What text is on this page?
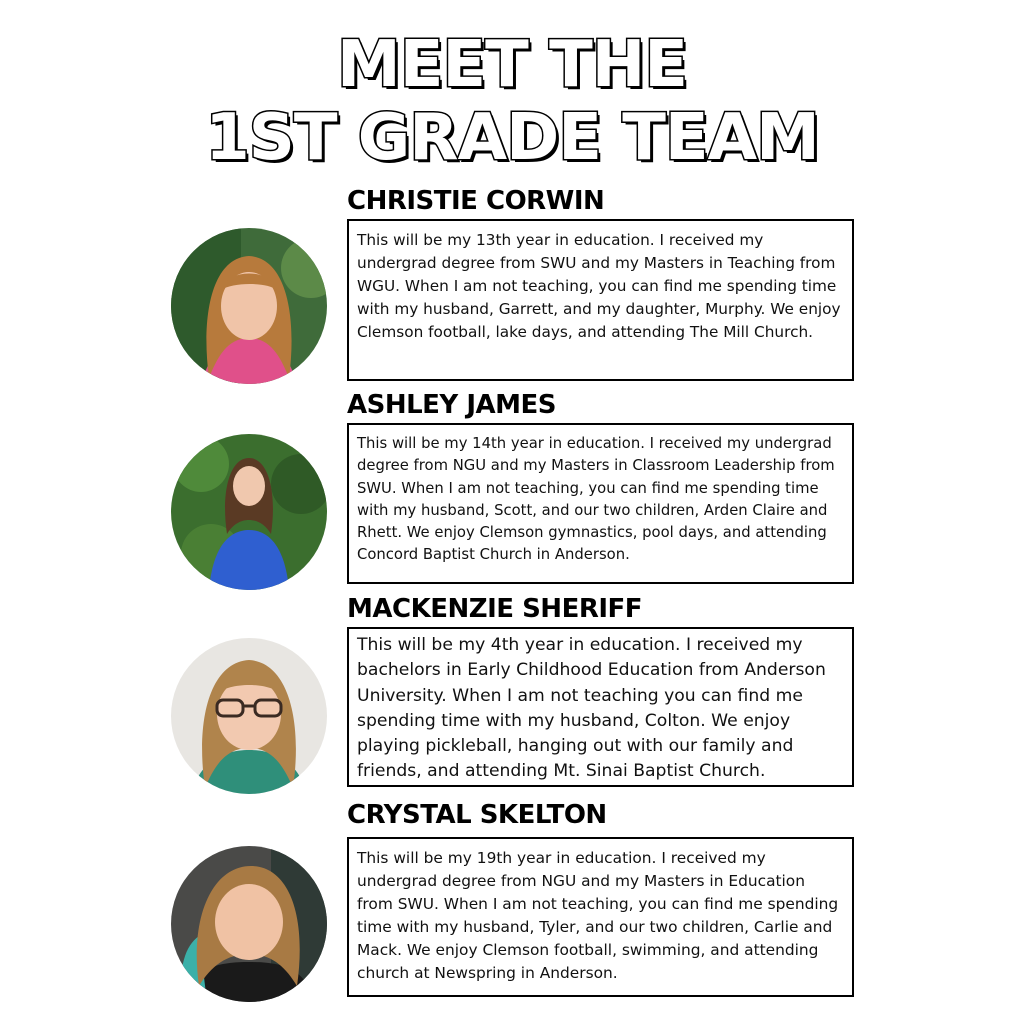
MEET THE
1ST GRADE TEAM
CHRISTIE CORWIN

This will be my 13th year in education. I received my undergrad degree from SWU and my Masters in Teaching from WGU. When I am not teaching, you can find me spending time with my husband, Garrett, and my daughter, Murphy. We enjoy Clemson football, lake days, and attending The Mill Church.

ASHLEY JAMES

This will be my 14th year in education. I received my undergrad degree from NGU and my Masters in Classroom Leadership from SWU. When I am not teaching, you can find me spending time with my husband, Scott, and our two children, Arden Claire and Rhett. We enjoy Clemson gymnastics, pool days, and attending Concord Baptist Church in Anderson.

MACKENZIE SHERIFF

This will be my 4th year in education. I received my bachelors in Early Childhood Education from Anderson University. When I am not teaching you can find me spending time with my husband, Colton. We enjoy playing pickleball, hanging out with our family and friends, and attending Mt. Sinai Baptist Church.

CRYSTAL SKELTON

This will be my 19th year in education. I received my undergrad degree from NGU and my Masters in Education from SWU. When I am not teaching, you can find me spending time with my husband, Tyler, and our two children, Carlie and Mack. We enjoy Clemson football, swimming, and attending church at Newspring in Anderson.
